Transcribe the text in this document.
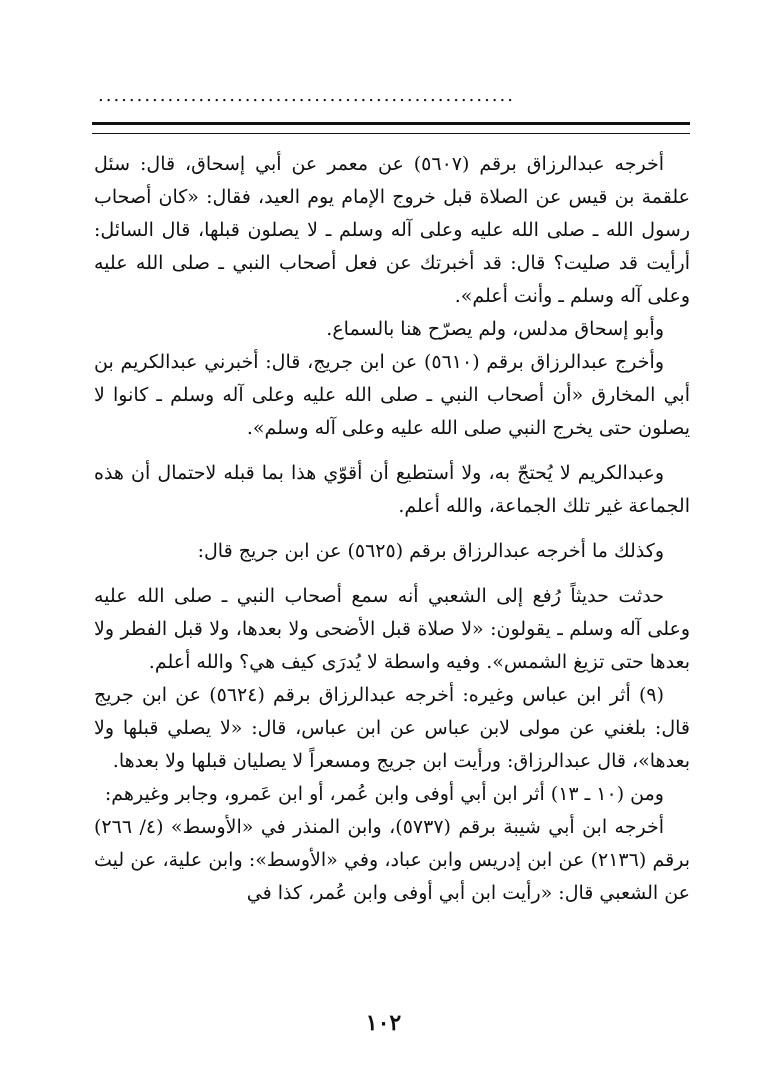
......................................................

أخرجه عبدالرزاق برقم (٥٦٠٧) عن معمر عن أبي إسحاق، قال: سئل علقمة بن قيس عن الصلاة قبل خروج الإمام يوم العيد، فقال: «كان أصحاب رسول الله ـ صلى الله عليه وعلى آله وسلم ـ لا يصلون قبلها، قال السائل: أرأيت قد صليت؟ قال: قد أخبرتك عن فعل أصحاب النبي ـ صلى الله عليه وعلى آله وسلم ـ وأنت أعلم».

وأبو إسحاق مدلس، ولم يصرّح هنا بالسماع.

وأخرج عبدالرزاق برقم (٥٦١٠) عن ابن جريج، قال: أخبرني عبدالكريم بن أبي المخارق «أن أصحاب النبي ـ صلى الله عليه وعلى آله وسلم ـ كانوا لا يصلون حتى يخرج النبي صلى الله عليه وعلى آله وسلم».

وعبدالكريم لا يُحتجّ به، ولا أستطيع أن أقوّي هذا بما قبله لاحتمال أن هذه الجماعة غير تلك الجماعة، والله أعلم.

وكذلك ما أخرجه عبدالرزاق برقم (٥٦٢٥) عن ابن جريج قال:

حدثت حديثاً رُفع إلى الشعبي أنه سمع أصحاب النبي ـ صلى الله عليه وعلى آله وسلم ـ يقولون: «لا صلاة قبل الأضحى ولا بعدها، ولا قبل الفطر ولا بعدها حتى تزيغ الشمس». وفيه واسطة لا يُدرَى كيف هي؟ والله أعلم.

(٩) أثر ابن عباس وغيره: أخرجه عبدالرزاق برقم (٥٦٢٤) عن ابن جريج قال: بلغني عن مولى لابن عباس عن ابن عباس، قال: «لا يصلي قبلها ولا بعدها»، قال عبدالرزاق: ورأيت ابن جريج ومسعراً لا يصليان قبلها ولا بعدها.

ومن (١٠ ـ ١٣) أثر ابن أبي أوفى وابن عُمر، أو ابن عَمرو، وجابر وغيرهم:

أخرجه ابن أبي شيبة برقم (٥٧٣٧)، وابن المنذر في «الأوسط» (٤/ ٢٦٦) برقم (٢١٣٦) عن ابن إدريس وابن عباد، وفي «الأوسط»: وابن علية، عن ليث عن الشعبي قال: «رأيت ابن أبي أوفى وابن عُمر، كذا في

١٠٢
